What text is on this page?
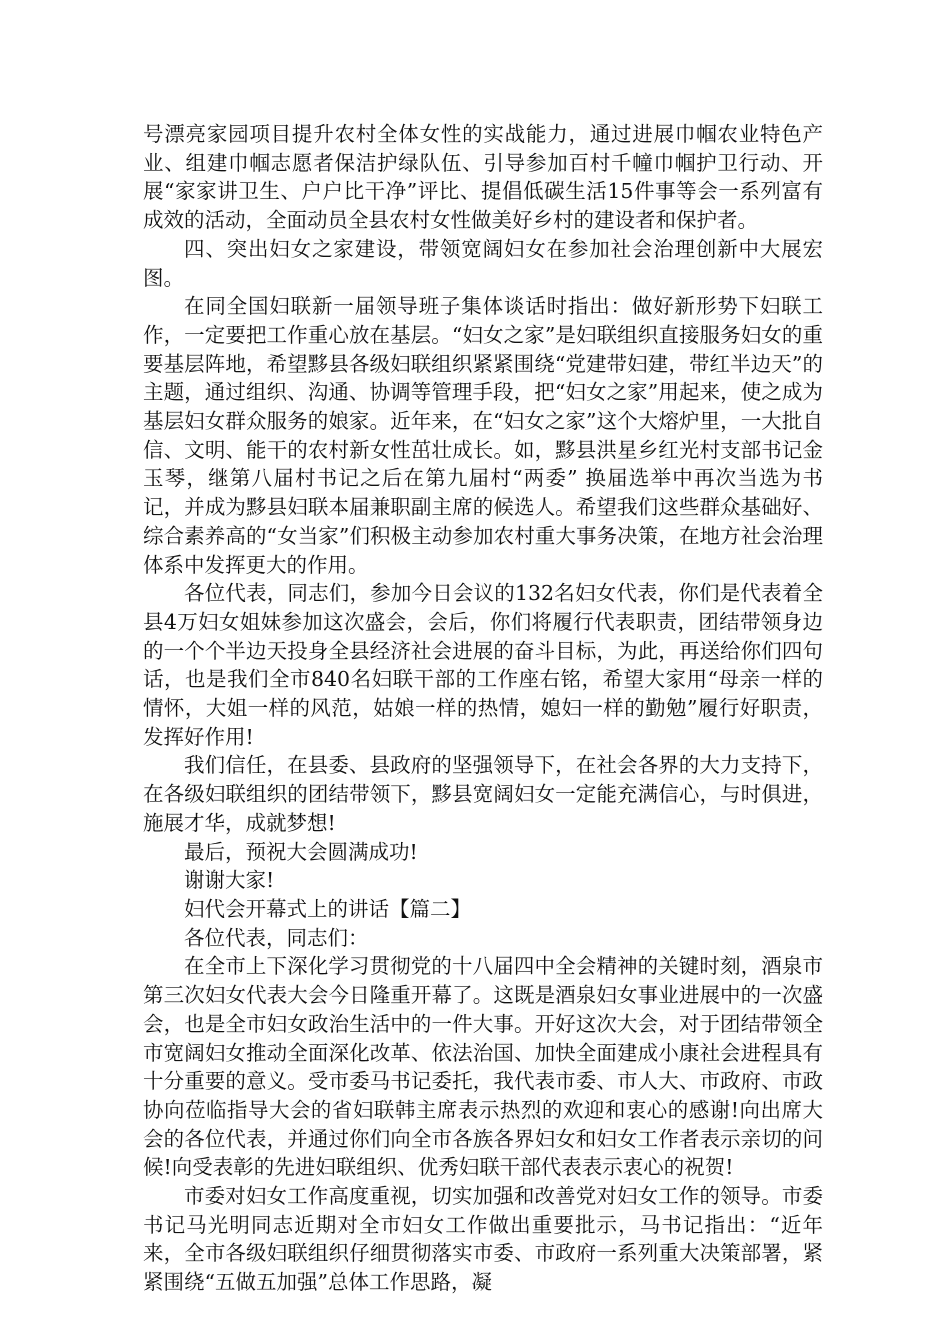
号漂亮家园项目提升农村全体女性的实战能力，通过进展巾帼农业特色产业、组建巾帼志愿者保洁护绿队伍、引导参加百村千幢巾帼护卫行动、开展“家家讲卫生、户户比干净”评比、提倡低碳生活15件事等会一系列富有成效的活动，全面动员全县农村女性做美好乡村的建设者和保护者。

四、突出妇女之家建设，带领宽阔妇女在参加社会治理创新中大展宏图。

在同全国妇联新一届领导班子集体谈话时指出：做好新形势下妇联工作，一定要把工作重心放在基层。“妇女之家”是妇联组织直接服务妇女的重要基层阵地，希望黟县各级妇联组织紧紧围绕“党建带妇建，带红半边天”的主题，通过组织、沟通、协调等管理手段，把“妇女之家”用起来，使之成为基层妇女群众服务的娘家。近年来，在“妇女之家”这个大熔炉里，一大批自信、文明、能干的农村新女性茁壮成长。如，黟县洪星乡红光村支部书记金玉琴，继第八届村书记之后在第九届村“两委” 换届选举中再次当选为书记，并成为黟县妇联本届兼职副主席的候选人。希望我们这些群众基础好、综合素养高的“女当家”们积极主动参加农村重大事务决策，在地方社会治理体系中发挥更大的作用。

各位代表，同志们，参加今日会议的132名妇女代表，你们是代表着全县4万妇女姐妹参加这次盛会，会后，你们将履行代表职责，团结带领身边的一个个半边天投身全县经济社会进展的奋斗目标，为此，再送给你们四句话，也是我们全市840名妇联干部的工作座右铭，希望大家用“母亲一样的情怀，大姐一样的风范，姑娘一样的热情，媳妇一样的勤勉”履行好职责，发挥好作用!

我们信任，在县委、县政府的坚强领导下，在社会各界的大力支持下，在各级妇联组织的团结带领下，黟县宽阔妇女一定能充满信心，与时俱进，施展才华，成就梦想!

最后，预祝大会圆满成功!

谢谢大家!

妇代会开幕式上的讲话【篇二】

各位代表，同志们：

在全市上下深化学习贯彻党的十八届四中全会精神的关键时刻，酒泉市第三次妇女代表大会今日隆重开幕了。这既是酒泉妇女事业进展中的一次盛会，也是全市妇女政治生活中的一件大事。开好这次大会，对于团结带领全市宽阔妇女推动全面深化改革、依法治国、加快全面建成小康社会进程具有十分重要的意义。受市委马书记委托，我代表市委、市人大、市政府、市政协向莅临指导大会的省妇联韩主席表示热烈的欢迎和衷心的感谢!向出席大会的各位代表，并通过你们向全市各族各界妇女和妇女工作者表示亲切的问候!向受表彰的先进妇联组织、优秀妇联干部代表表示衷心的祝贺!

市委对妇女工作高度重视，切实加强和改善党对妇女工作的领导。市委书记马光明同志近期对全市妇女工作做出重要批示，马书记指出：“近年来，全市各级妇联组织仔细贯彻落实市委、市政府一系列重大决策部署，紧紧围绕“五做五加强”总体工作思路，凝
